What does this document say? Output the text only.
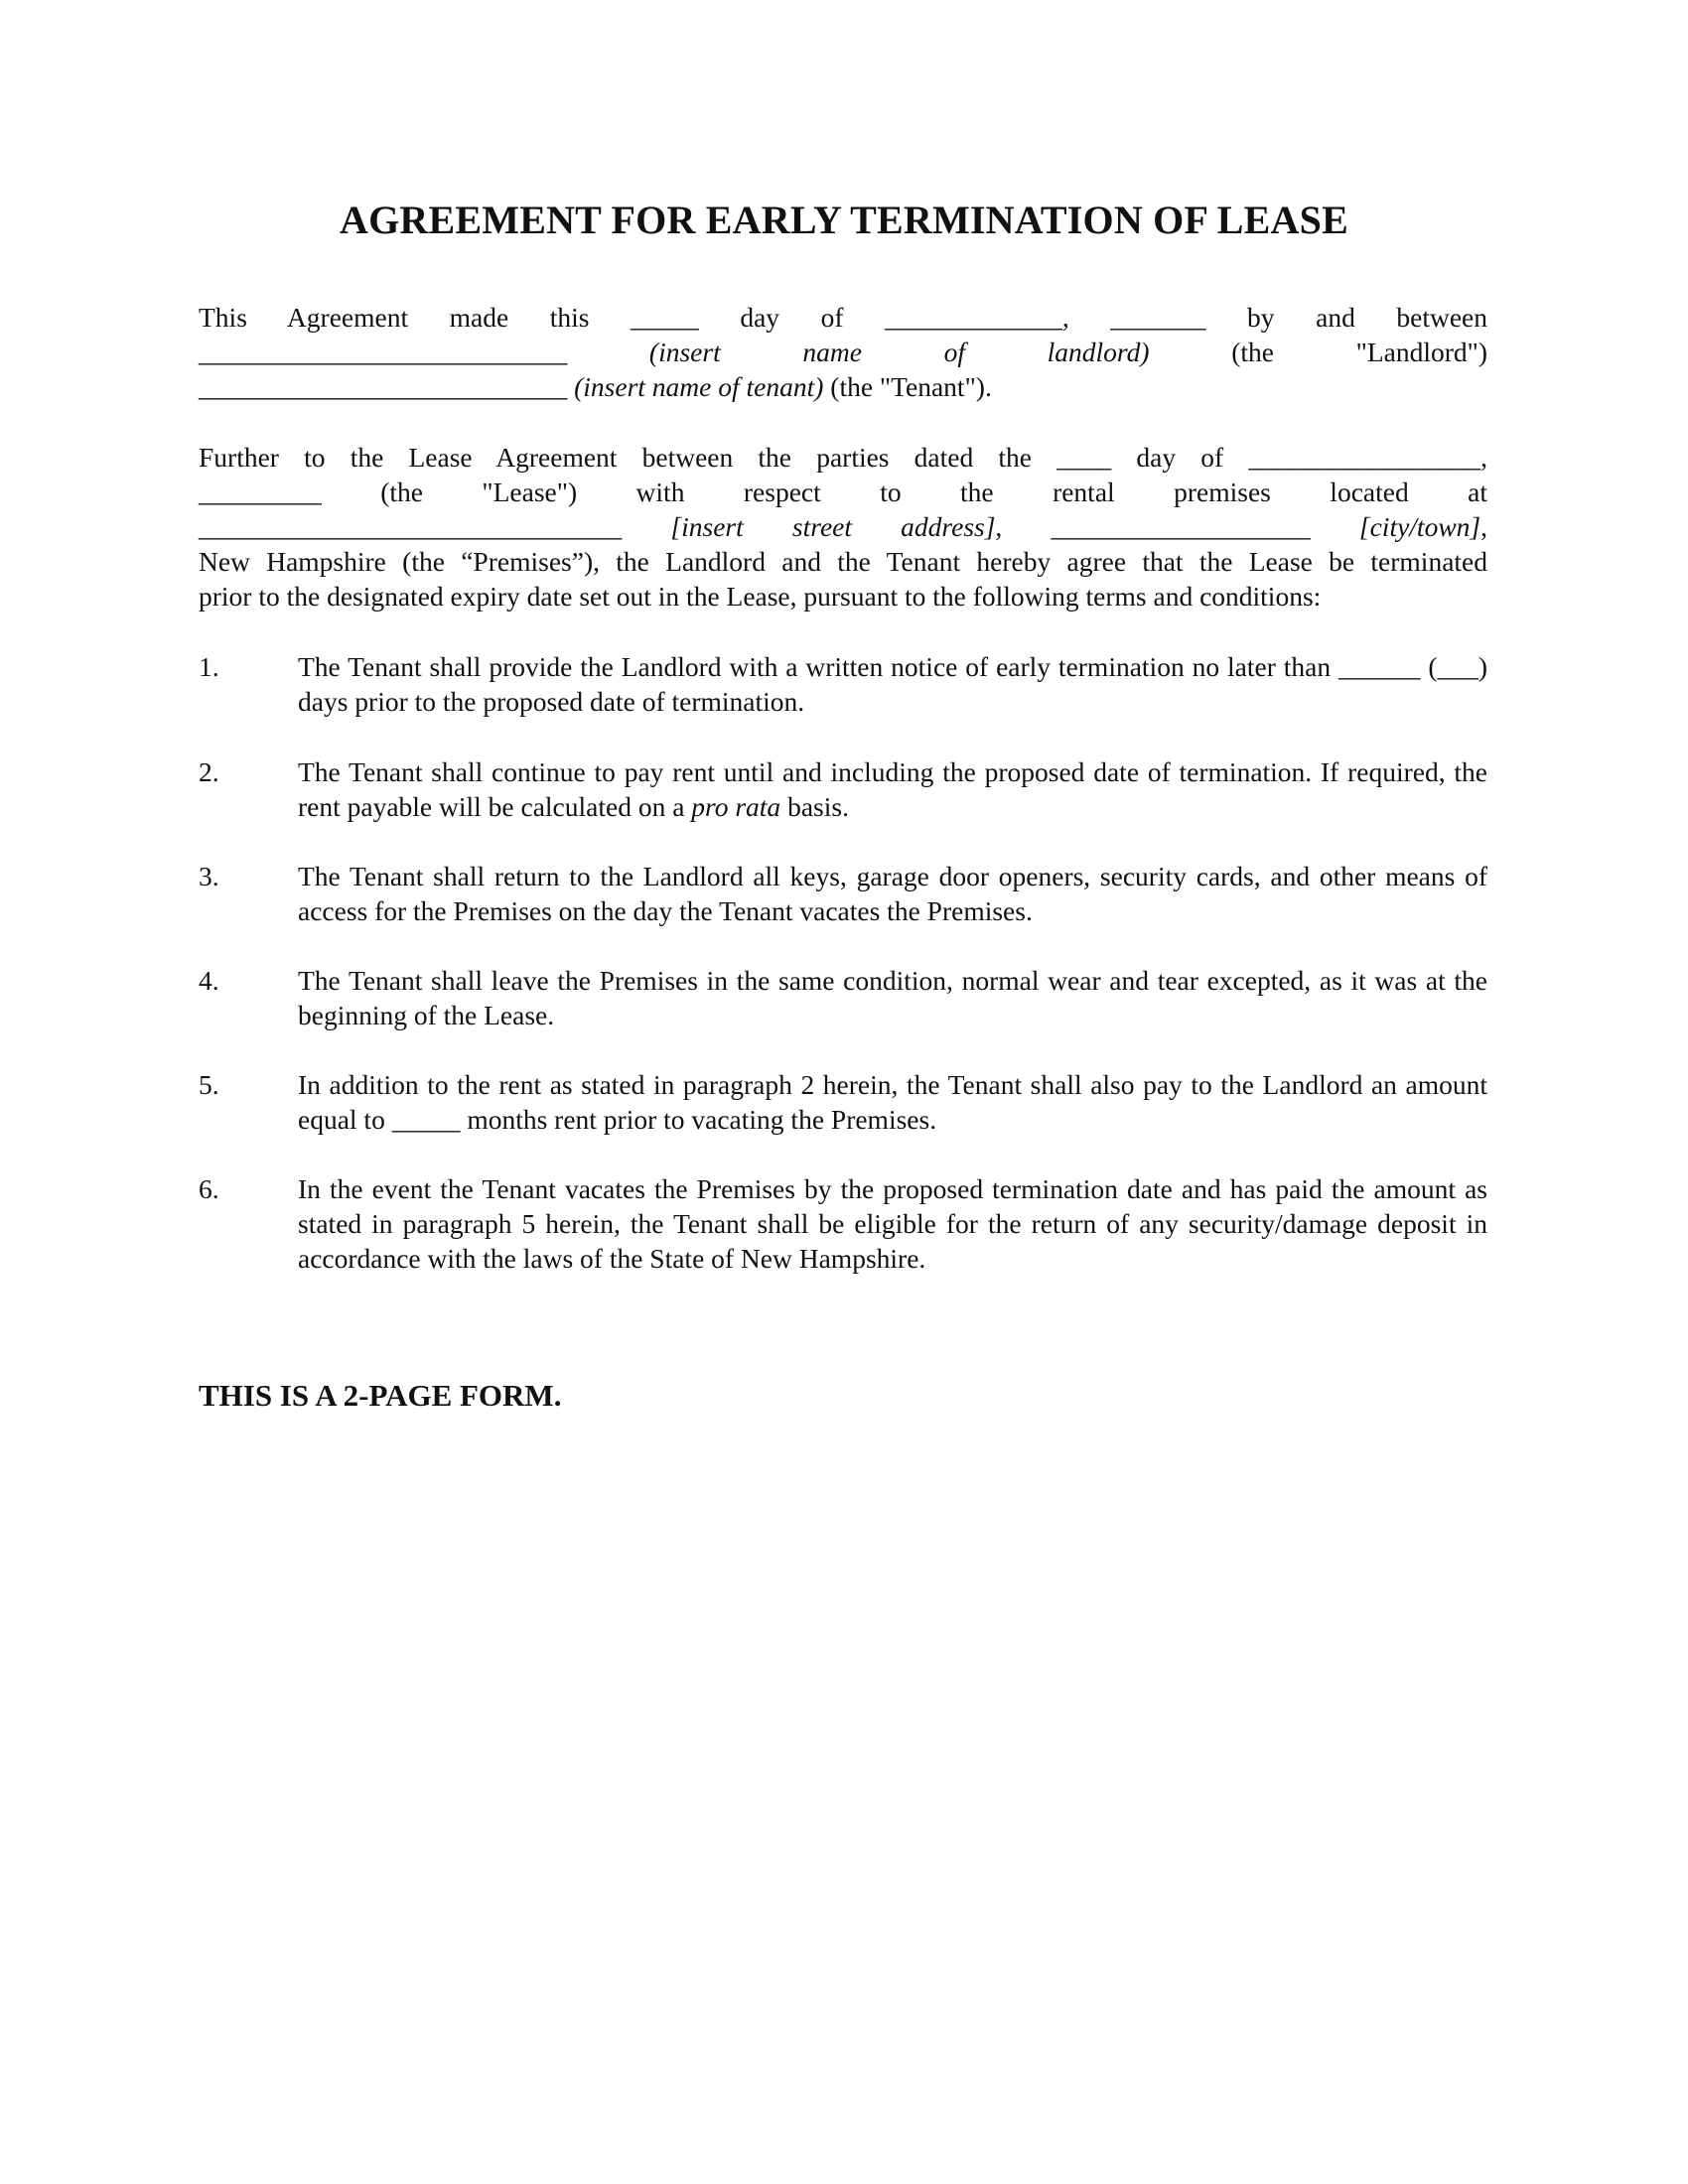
AGREEMENT FOR EARLY TERMINATION OF LEASE
This Agreement made this _____ day of _____________, _______ by and between
___________________________	(insert name of landlord)	(the "Landlord")
___________________________ (insert name of tenant) (the "Tenant").
Further to the Lease Agreement between the parties dated the ____ day of _________________,
_________ (the "Lease") with respect to the rental premises located at
_______________________________ [insert street address], ___________________ [city/town],
New Hampshire (the “Premises”), the Landlord and the Tenant hereby agree that the Lease be terminated
prior to the designated expiry date set out in the Lease, pursuant to the following terms and conditions:
1.	The Tenant shall provide the Landlord with a written notice of early termination no later than ______ (___) days prior to the proposed date of termination.
2.	The Tenant shall continue to pay rent until and including the proposed date of termination. If required, the rent payable will be calculated on a pro rata basis.
3.	The Tenant shall return to the Landlord all keys, garage door openers, security cards, and other means of access for the Premises on the day the Tenant vacates the Premises.
4.	The Tenant shall leave the Premises in the same condition, normal wear and tear excepted, as it was at the beginning of the Lease.
5.	In addition to the rent as stated in paragraph 2 herein, the Tenant shall also pay to the Landlord an amount equal to _____ months rent prior to vacating the Premises.
6.	In the event the Tenant vacates the Premises by the proposed termination date and has paid the amount as stated in paragraph 5 herein, the Tenant shall be eligible for the return of any security/damage deposit in accordance with the laws of the State of New Hampshire.
THIS IS A 2-PAGE FORM.
